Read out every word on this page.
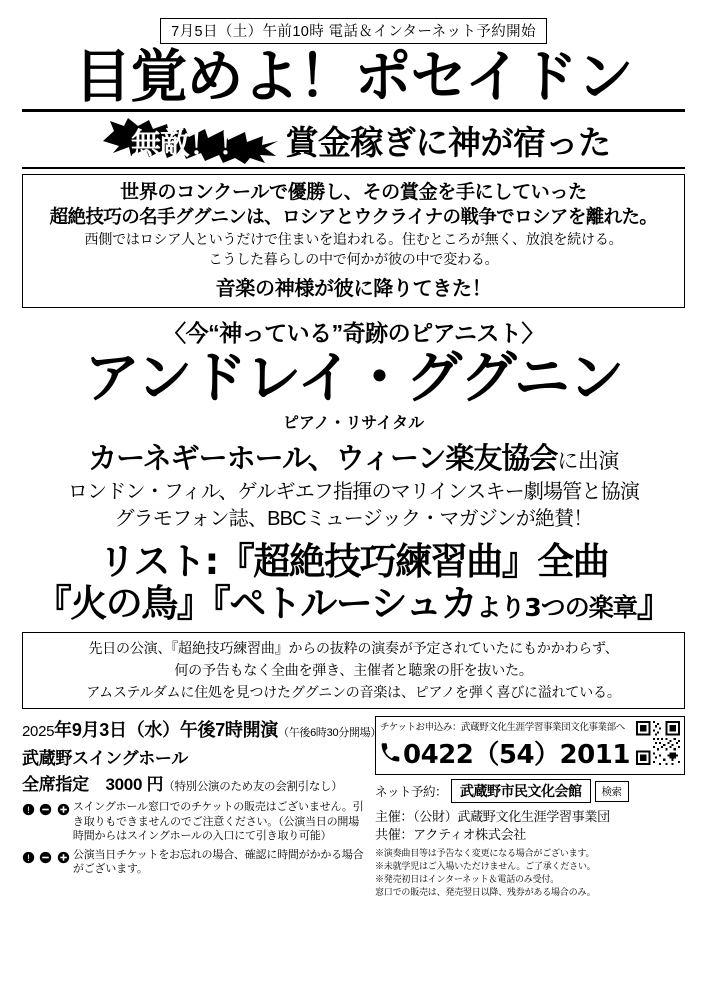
7月5日（土）午前10時 電話＆インターネット予約開始
目覚めよ！ポセイドン
無敵！！ 賞金稼ぎに神が宿った
世界のコンクールで優勝し、その賞金を手にしていった
超絶技巧の名手ググニンは、ロシアとウクライナの戦争でロシアを離れた。
西側ではロシア人というだけで住まいを追われる。住むところが無く、放浪を続ける。
こうした暮らしの中で何かが彼の中で変わる。
音楽の神様が彼に降りてきた！
〈今“神っている”奇跡のピアニスト〉
アンドレイ・ググニン
ピアノ・リサイタル
カーネギーホール、ウィーン楽友協会に出演
ロンドン・フィル、ゲルギエフ指揮のマリインスキー劇場管と協演
グラモフォン誌、BBCミュージック・マガジンが絶賛！
リスト:『超絶技巧練習曲』全曲
『火の鳥』『ペトルーシュカより3つの楽章』
先日の公演、『超絶技巧練習曲』からの抜粋の演奏が予定されていたにもかかわらず、
何の予告もなく全曲を弾き、主催者と聴衆の肝を抜いた。
アムステルダムに住処を見つけたググニンの音楽は、ピアノを弾く喜びに溢れている。
2025年9月3日（水）午後7時開演（午後6時30分開場）
武蔵野スイングホール
全席指定　3000 円（特別公演のため友の会割引なし）
!
	スイングホール窓口でのチケットの販売はございません。引き取りもできませんのでご注意ください。（公演当日の開場時間からはスイングホールの入口にて引き取り可能）
!
	公演当日チケットをお忘れの場合、確認に時間がかかる場合がございます。
チケットお申込み：武蔵野文化生涯学習事業団文化事業部へ
0422（54）2011
ネット予約： 武蔵野市民文化会館	検索
主催：（公財）武蔵野文化生涯学習事業団
共催：アクティオ株式会社
※演奏曲目等は予告なく変更になる場合がございます。
※未就学児はご入場いただけません。ご了承ください。
※発売初日はインターネット＆電話のみ受付。
窓口での販売は、発売翌日以降、残券がある場合のみ。
